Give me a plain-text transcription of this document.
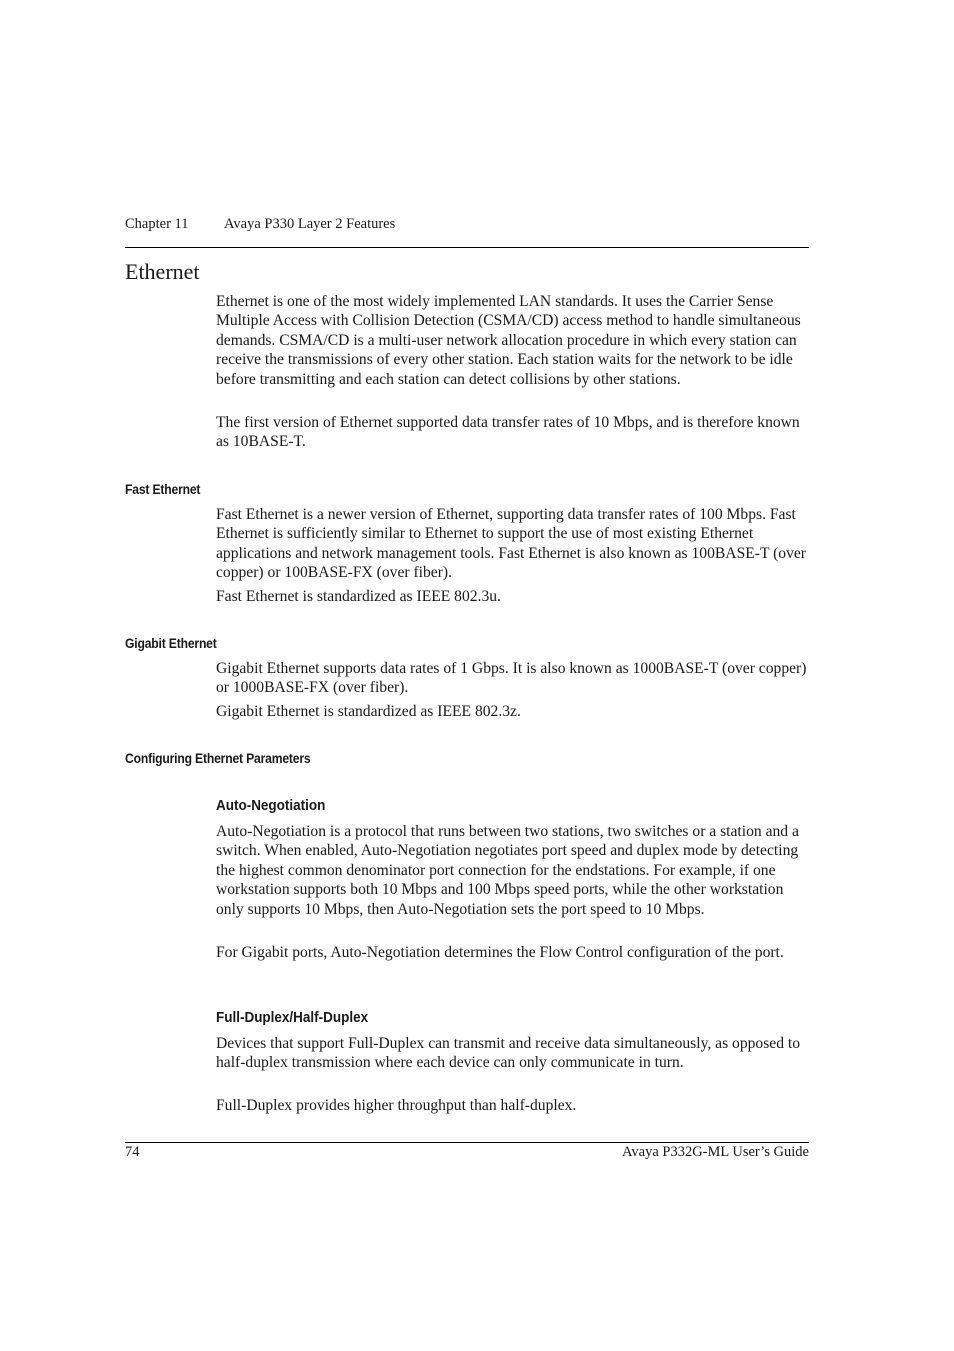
Chapter 11 Avaya P330 Layer 2 Features
Ethernet

Ethernet is one of the most widely implemented LAN standards. It uses the Carrier Sense Multiple Access with Collision Detection (CSMA/CD) access method to handle simultaneous demands. CSMA/CD is a multi-user network allocation procedure in which every station can receive the transmissions of every other station. Each station waits for the network to be idle before transmitting and each station can detect collisions by other stations.

The first version of Ethernet supported data transfer rates of 10 Mbps, and is therefore known as 10BASE-T.

Fast Ethernet

Fast Ethernet is a newer version of Ethernet, supporting data transfer rates of 100 Mbps. Fast Ethernet is sufficiently similar to Ethernet to support the use of most existing Ethernet applications and network management tools. Fast Ethernet is also known as 100BASE-T (over copper) or 100BASE-FX (over fiber).

Fast Ethernet is standardized as IEEE 802.3u.

Gigabit Ethernet

Gigabit Ethernet supports data rates of 1 Gbps. It is also known as 1000BASE-T (over copper) or 1000BASE-FX (over fiber).

Gigabit Ethernet is standardized as IEEE 802.3z.

Configuring Ethernet Parameters
Auto-Negotiation

Auto-Negotiation is a protocol that runs between two stations, two switches or a station and a switch. When enabled, Auto-Negotiation negotiates port speed and duplex mode by detecting the highest common denominator port connection for the endstations. For example, if one workstation supports both 10 Mbps and 100 Mbps speed ports, while the other workstation only supports 10 Mbps, then Auto-Negotiation sets the port speed to 10 Mbps.

For Gigabit ports, Auto-Negotiation determines the Flow Control configuration of the port.

Full-Duplex/Half-Duplex

Devices that support Full-Duplex can transmit and receive data simultaneously, as opposed to half-duplex transmission where each device can only communicate in turn.

Full-Duplex provides higher throughput than half-duplex.

74	Avaya P332G-ML User’s Guide
